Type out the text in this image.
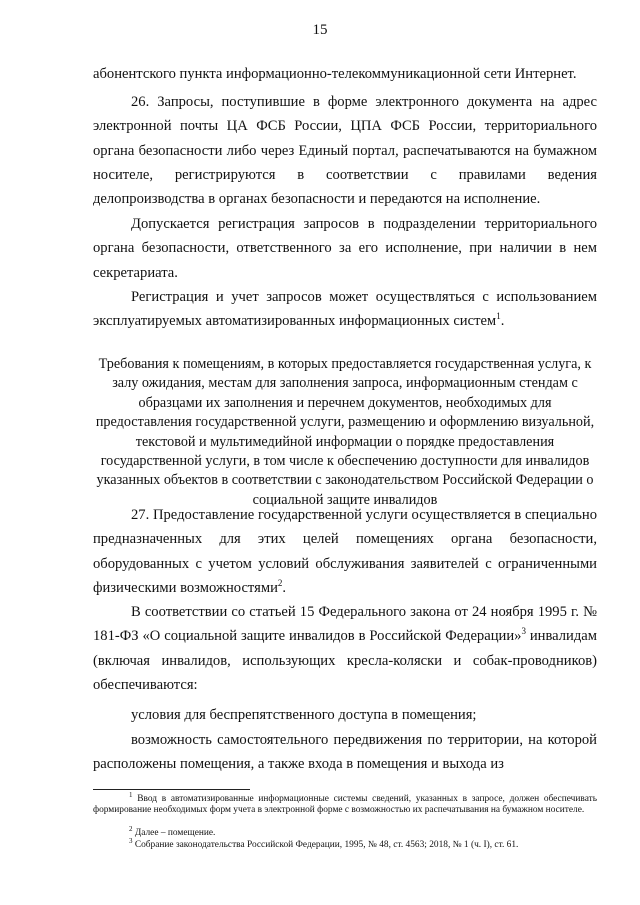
15

абонентского пункта информационно-телекоммуникационной сети Интернет.

26. Запросы, поступившие в форме электронного документа на адрес электронной почты ЦА ФСБ России, ЦПА ФСБ России, территориального органа безопасности либо через Единый портал, распечатываются на бумажном носителе, регистрируются в соответствии с правилами ведения делопроизводства в органах безопасности и передаются на исполнение.

Допускается регистрация запросов в подразделении территориального органа безопасности, ответственного за его исполнение, при наличии в нем секретариата.

Регистрация и учет запросов может осуществляться с использованием эксплуатируемых автоматизированных информационных систем$^1$.

Требования к помещениям, в которых предоставляется государственная услуга, к залу ожидания, местам для заполнения запроса, информационным стендам с образцами их заполнения и перечнем документов, необходимых для предоставления государственной услуги, размещению и оформлению визуальной, текстовой и мультимедийной информации о порядке предоставления государственной услуги, в том числе к обеспечению доступности для инвалидов указанных объектов в соответствии с законодательством Российской Федерации о социальной защите инвалидов

27. Предоставление государственной услуги осуществляется в специально предназначенных для этих целей помещениях органа безопасности, оборудованных с учетом условий обслуживания заявителей с ограниченными физическими возможностями$^2$.

В соответствии со статьей 15 Федерального закона от 24 ноября 1995 г. № 181-ФЗ «О социальной защите инвалидов в Российской Федерации»$^3$ инвалидам (включая инвалидов, использующих кресла-коляски и собак-проводников) обеспечиваются:

условия для беспрепятственного доступа в помещения;

возможность самостоятельного передвижения по территории, на которой расположены помещения, а также входа в помещения и выхода из

$^1$ Ввод в автоматизированные информационные системы сведений, указанных в запросе, должен обеспечивать формирование необходимых форм учета в электронной форме с возможностью их распечатывания на бумажном носителе.

$^2$ Далее – помещение.

$^3$ Собрание законодательства Российской Федерации, 1995, № 48, ст. 4563; 2018, № 1 (ч. I), ст. 61.
